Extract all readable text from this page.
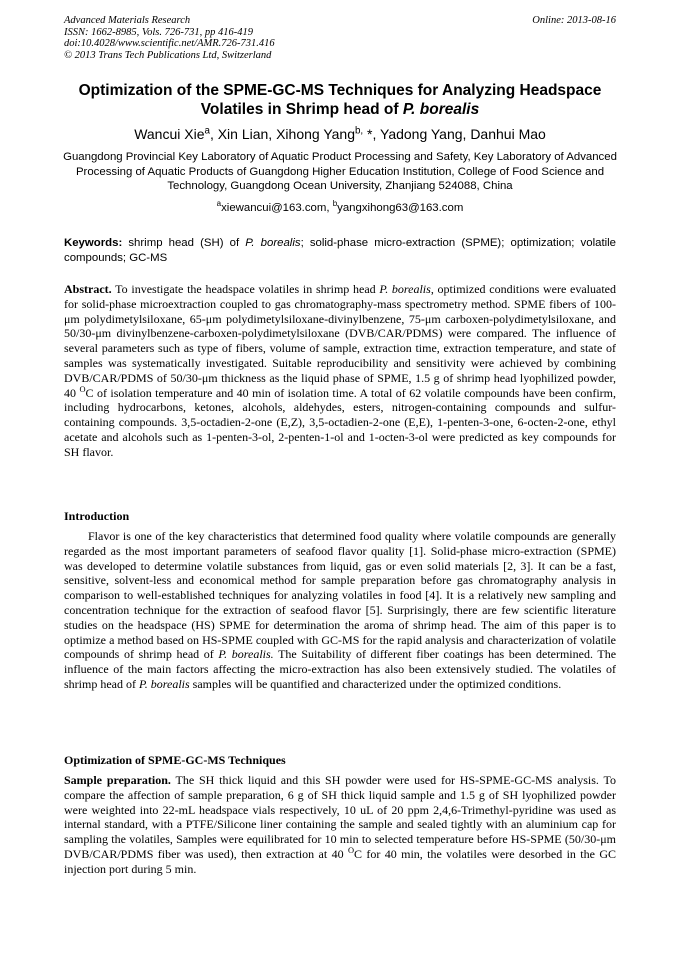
Advanced Materials Research
ISSN: 1662-8985, Vols. 726-731, pp 416-419
doi:10.4028/www.scientific.net/AMR.726-731.416
© 2013 Trans Tech Publications Ltd, Switzerland
Online: 2013-08-16
Optimization of the SPME-GC-MS Techniques for Analyzing Headspace Volatiles in Shrimp head of P. borealis
Wancui Xie$^a$, Xin Lian, Xihong Yang$^{b,}$ *, Yadong Yang, Danhui Mao
Guangdong Provincial Key Laboratory of Aquatic Product Processing and Safety, Key Laboratory of Advanced Processing of Aquatic Products of Guangdong Higher Education Institution, College of Food Science and Technology, Guangdong Ocean University, Zhanjiang 524088, China
$^a$xiewancui@163.com, $^b$yangxihong63@163.com
Keywords: shrimp head (SH) of P. borealis; solid-phase micro-extraction (SPME); optimization; volatile compounds; GC-MS
Abstract. To investigate the headspace volatiles in shrimp head P. borealis, optimized conditions were evaluated for solid-phase microextraction coupled to gas chromatography-mass spectrometry method. SPME fibers of 100-μm polydimetylsiloxane, 65-μm polydimetylsiloxane-divinylbenzene, 75-μm carboxen-polydimetylsiloxane, and 50/30-μm divinylbenzene-carboxen-polydimetylsiloxane (DVB/CAR/PDMS) were compared. The influence of several parameters such as type of fibers, volume of sample, extraction time, extraction temperature, and state of samples was systematically investigated. Suitable reproducibility and sensitivity were achieved by combining DVB/CAR/PDMS of 50/30-μm thickness as the liquid phase of SPME, 1.5 g of shrimp head lyophilized powder, 40 $^O$C of isolation temperature and 40 min of isolation time. A total of 62 volatile compounds have been confirm, including hydrocarbons, ketones, alcohols, aldehydes, esters, nitrogen-containing compounds and sulfur-containing compounds. 3,5-octadien-2-one (E,Z), 3,5-octadien-2-one (E,E), 1-penten-3-one, 6-octen-2-one, ethyl acetate and alcohols such as 1-penten-3-ol, 2-penten-1-ol and 1-octen-3-ol were predicted as key compounds for SH flavor.
Introduction
Flavor is one of the key characteristics that determined food quality where volatile compounds are generally regarded as the most important parameters of seafood flavor quality [1]. Solid-phase micro-extraction (SPME) was developed to determine volatile substances from liquid, gas or even solid materials [2, 3]. It can be a fast, sensitive, solvent-less and economical method for sample preparation before gas chromatography analysis in comparison to well-established techniques for analyzing volatiles in food [4]. It is a relatively new sampling and concentration technique for the extraction of seafood flavor [5]. Surprisingly, there are few scientific literature studies on the headspace (HS) SPME for determination the aroma of shrimp head. The aim of this paper is to optimize a method based on HS-SPME coupled with GC-MS for the rapid analysis and characterization of volatile compounds of shrimp head of P. borealis. The Suitability of different fiber coatings has been determined. The influence of the main factors affecting the micro-extraction has also been extensively studied. The volatiles of shrimp head of P. borealis samples will be quantified and characterized under the optimized conditions.
Optimization of SPME-GC-MS Techniques
Sample preparation. The SH thick liquid and this SH powder were used for HS-SPME-GC-MS analysis. To compare the affection of sample preparation, 6 g of SH thick liquid sample and 1.5 g of SH lyophilized powder were weighted into 22-mL headspace vials respectively, 10 uL of 20 ppm 2,4,6-Trimethyl-pyridine was used as internal standard, with a PTFE/Silicone liner containing the sample and sealed tightly with an aluminium cap for sampling the volatiles, Samples were equilibrated for 10 min to selected temperature before HS-SPME (50/30-μm DVB/CAR/PDMS fiber was used), then extraction at 40 $^O$C for 40 min, the volatiles were desorbed in the GC injection port during 5 min.
